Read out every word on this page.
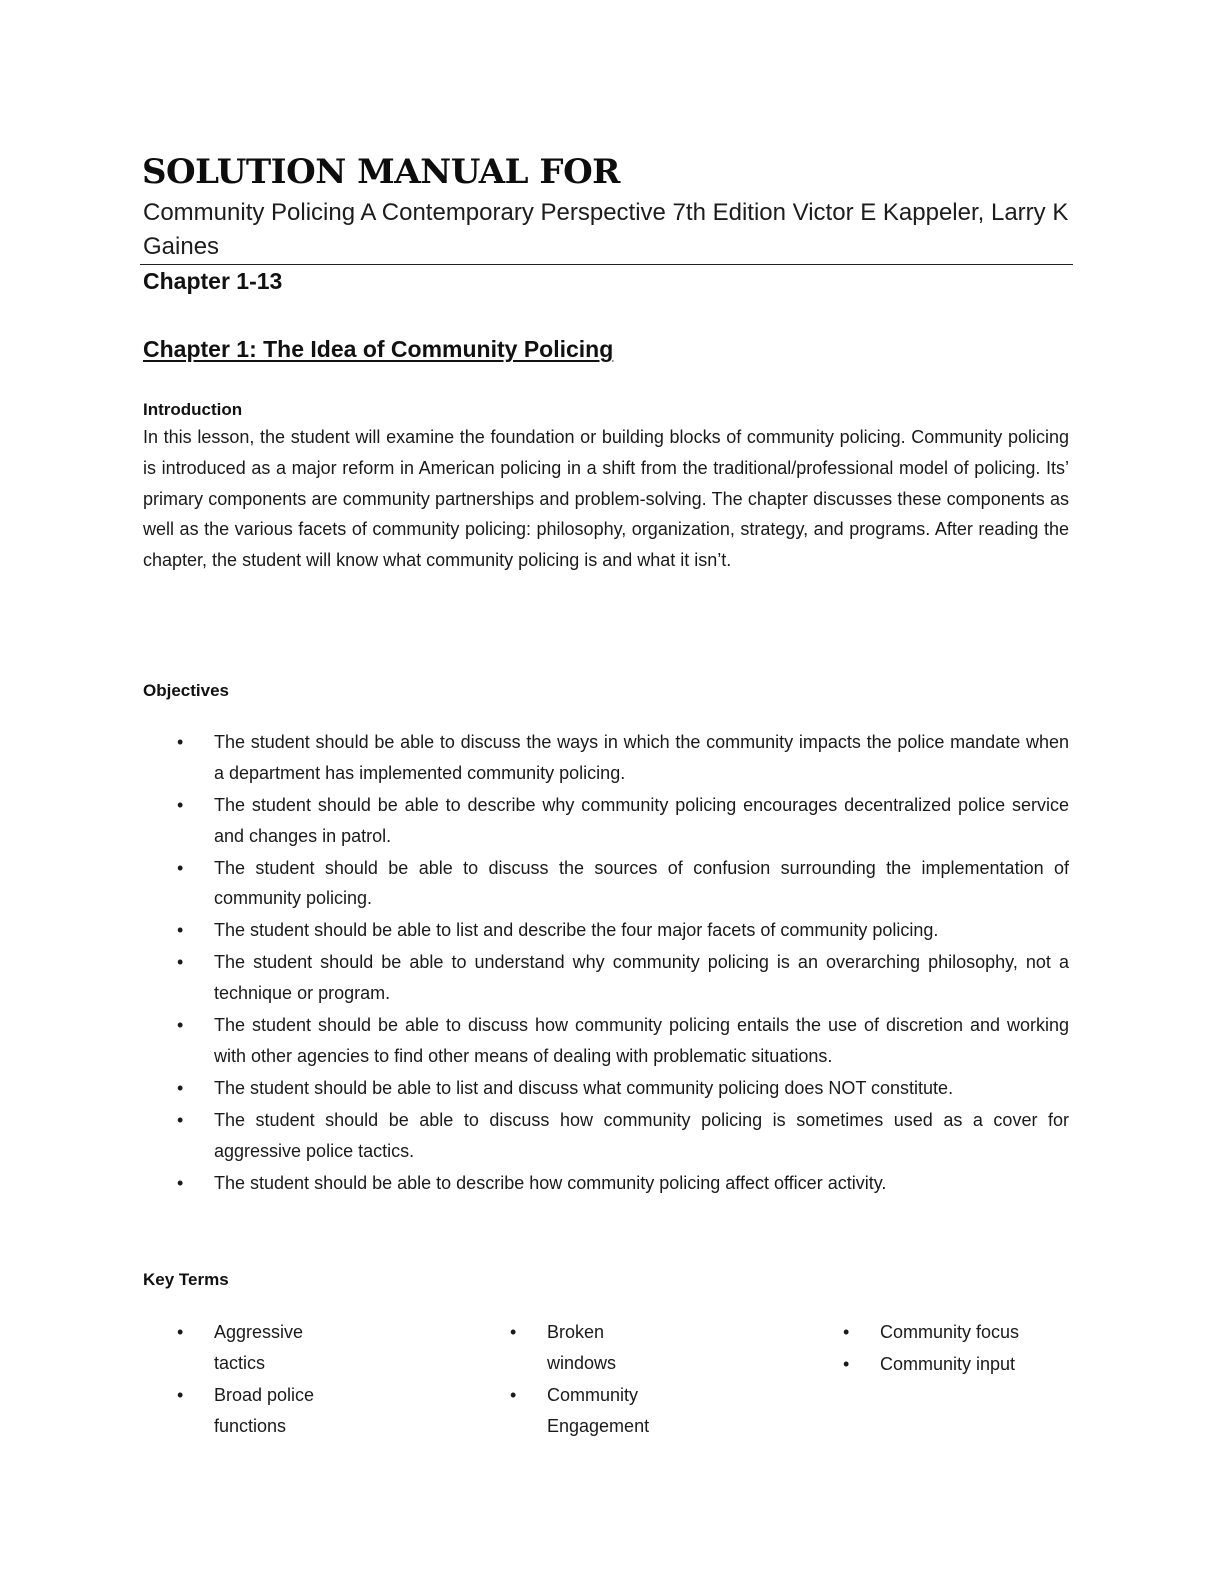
SOLUTION MANUAL FOR
Community Policing A Contemporary Perspective 7th Edition Victor E Kappeler, Larry K Gaines
Chapter 1-13
Chapter 1: The Idea of Community Policing
Introduction
In this lesson, the student will examine the foundation or building blocks of community policing. Community policing is introduced as a major reform in American policing in a shift from the traditional/professional model of policing. Its’ primary components are community partnerships and problem-solving. The chapter discusses these components as well as the various facets of community policing: philosophy, organization, strategy, and programs. After reading the chapter, the student will know what community policing is and what it isn’t.
Objectives
• The student should be able to discuss the ways in which the community impacts the police mandate when a department has implemented community policing.
• The student should be able to describe why community policing encourages decentralized police service and changes in patrol.
• The student should be able to discuss the sources of confusion surrounding the implementation of community policing.
• The student should be able to list and describe the four major facets of community policing.
• The student should be able to understand why community policing is an overarching philosophy, not a technique or program.
• The student should be able to discuss how community policing entails the use of discretion and working with other agencies to find other means of dealing with problematic situations.
• The student should be able to list and discuss what community policing does NOT constitute.
• The student should be able to discuss how community policing is sometimes used as a cover for aggressive police tactics.
• The student should be able to describe how community policing affect officer activity.
Key Terms
• Aggressive tactics
• Broad police functions
• Broken windows
• Community Engagement
• Community focus
• Community input
